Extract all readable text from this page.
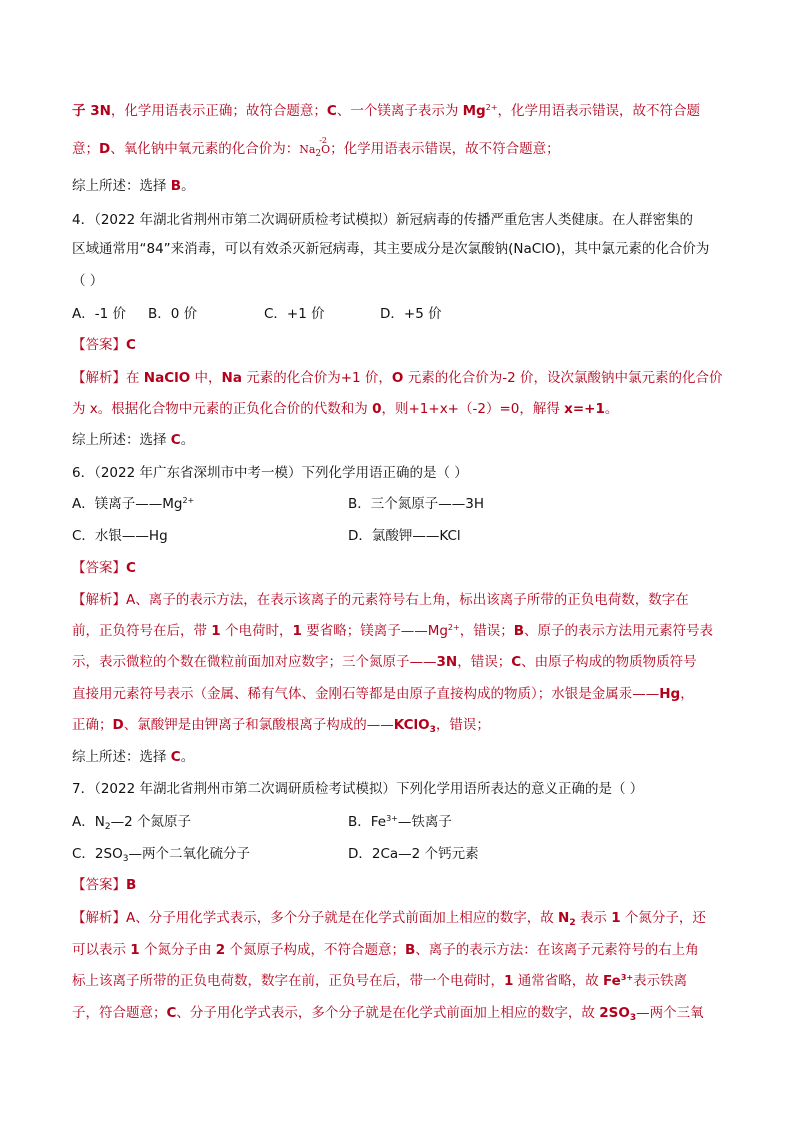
子 3N，化学用语表示正确；故符合题意；C、一个镁离子表示为 $Mg^{2+}$，化学用语表示错误，故不符合题
意；D、氧化钠中氧元素的化合价为：$Na_2O$
-2
；化学用语表示错误，故不符合题意；
综上所述：选择 B。
4．（2022 年湖北省荆州市第二次调研质检考试模拟）新冠病毒的传播严重危害人类健康。在人群密集的
区域通常用“84”来消毒，可以有效杀灭新冠病毒，其主要成分是次氯酸钠(NaClO)，其中氯元素的化合价为
（ ）
A．-1 价 B．0 价	C．+1 价	D．+5 价
【答案】C
【解析】在 NaClO 中，Na 元素的化合价为+1 价，O 元素的化合价为-2 价，设次氯酸钠中氯元素的化合价
为 x。根据化合物中元素的正负化合价的代数和为 0，则+1+x+（-2）=0，解得 x=+1。
综上所述：选择 C。
6．（2022 年广东省深圳市中考一模）下列化学用语正确的是（ ）
A．镁离子$——Mg^{2+}$	B．三个氮原子——3H
C．水银——Hg	D．氯酸钾——KCl
【答案】C
【解析】A、离子的表示方法，在表示该离子的元素符号右上角，标出该离子所带的正负电荷数，数字在
前，正负符号在后，带 1 个电荷时，1 要省略；镁离子$——Mg^{2+}$，错误；B、原子的表示方法用元素符号表
示，表示微粒的个数在微粒前面加对应数字；三个氮原子——3N，错误；C、由原子构成的物质物质符号
直接用元素符号表示（金属、稀有气体、金刚石等都是由原子直接构成的物质）；水银是金属汞——Hg，
正确；D、氯酸钾是由钾离子和氯酸根离子构成的——KClO$_3$，错误；
综上所述：选择 C。
7．（2022 年湖北省荆州市第二次调研质检考试模拟）下列化学用语所表达的意义正确的是（ ）
A．$N_2—2$ 个氮原子	B．$Fe^{3+}—$铁离子
C．$2SO_3—$两个二氧化硫分子	D．2Ca—2 个钙元素
【答案】B
【解析】A、分子用化学式表示，多个分子就是在化学式前面加上相应的数字，故 $N_2$ 表示 1 个氮分子，还
可以表示 1 个氮分子由 2 个氮原子构成，不符合题意；B、离子的表示方法：在该离子元素符号的右上角
标上该离子所带的正负电荷数，数字在前，正负号在后，带一个电荷时，1 通常省略，故 $Fe^{3+}$表示铁离
子，符合题意；C、分子用化学式表示，多个分子就是在化学式前面加上相应的数字，故 $2SO_3—$两个三氧
